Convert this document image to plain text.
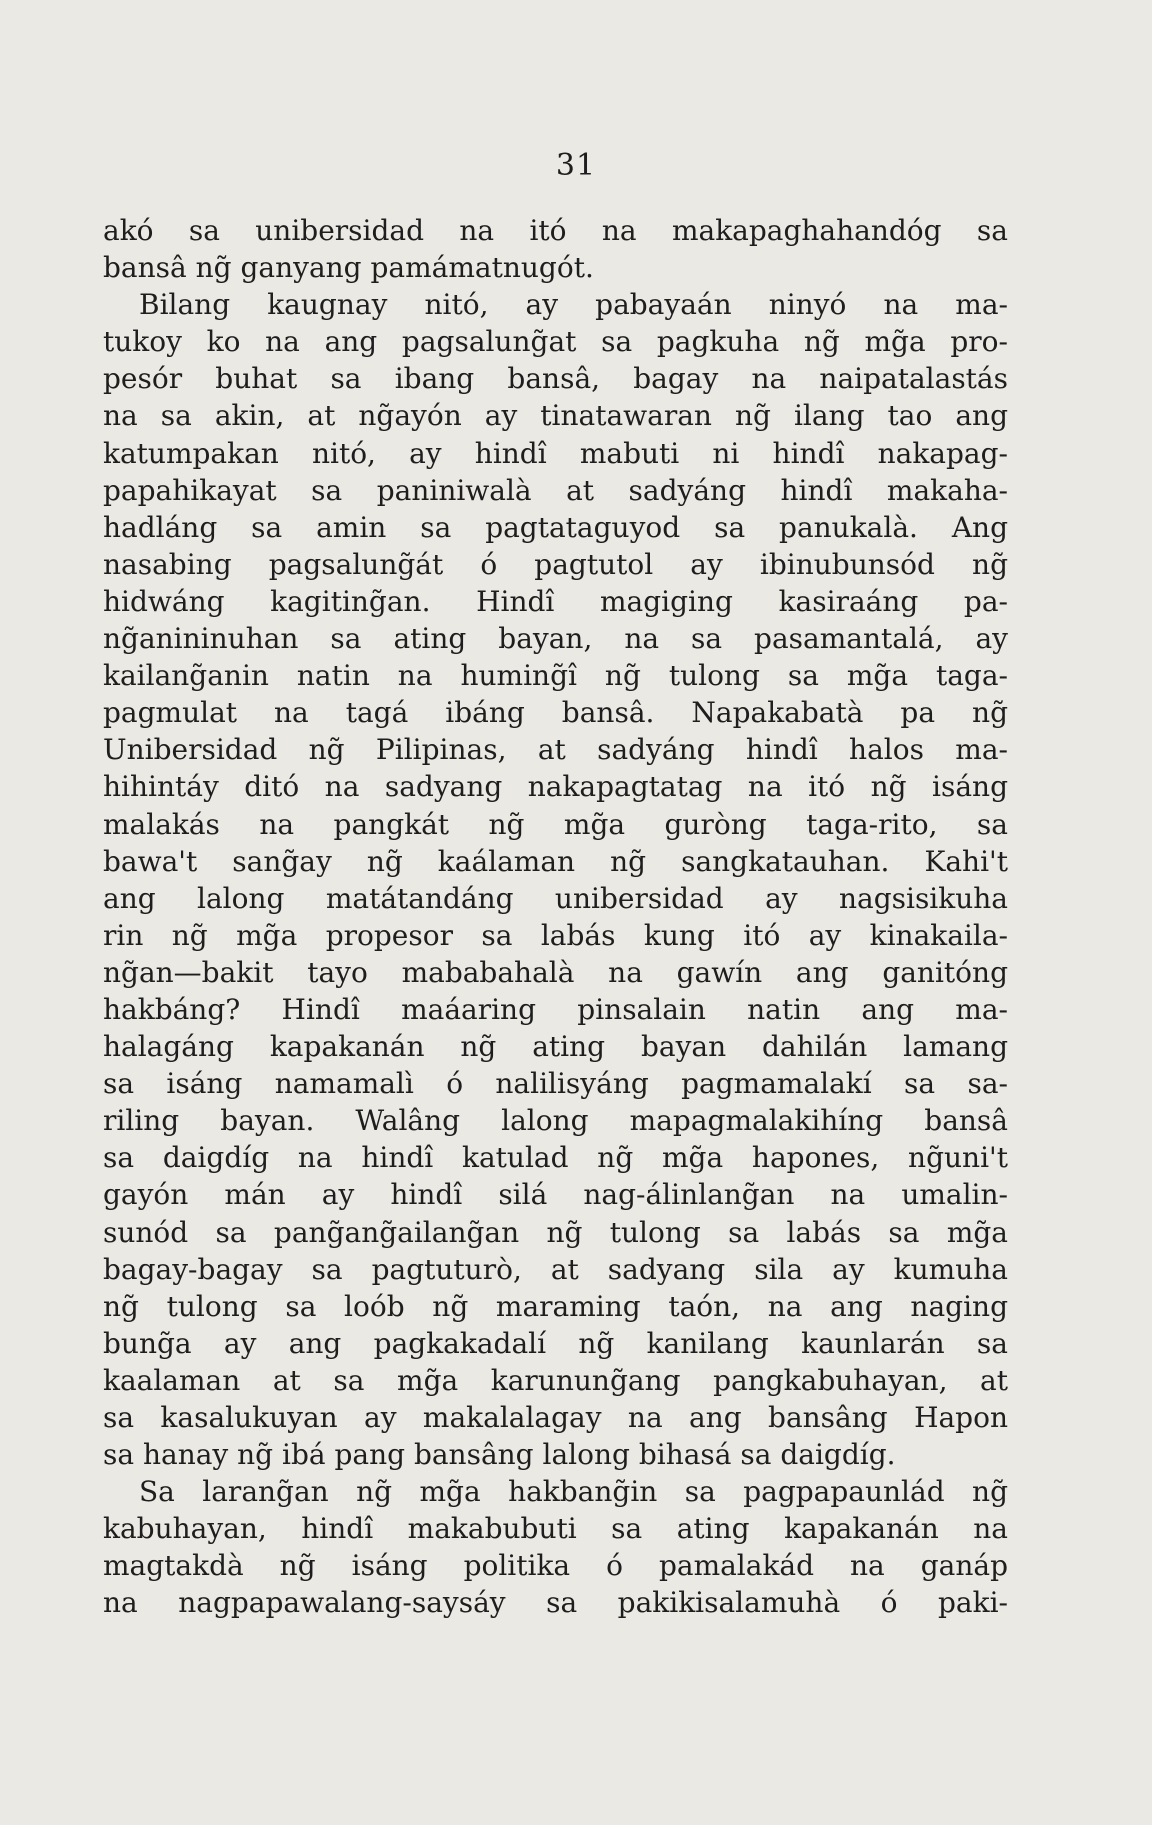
31
akó sa unibersidad na itó na makapaghahandóg sa
bansâ ng̃ ganyang pamámatnugót.
Bilang kaugnay nitó, ay pabayaán ninyó na ma-
tukoy ko na ang pagsalung̃at sa pagkuha ng̃ mg̃a pro-
pesór buhat sa ibang bansâ, bagay na naipatalastás
na sa akin, at ng̃ayón ay tinatawaran ng̃ ilang tao ang
katumpakan nitó, ay hindî mabuti ni hindî nakapag-
papahikayat sa paniniwalà at sadyáng hindî makaha-
hadláng sa amin sa pagtataguyod sa panukalà. Ang
nasabing pagsalung̃át ó pagtutol ay ibinubunsód ng̃
hidwáng kagiting̃an. Hindî magiging kasiraáng pa-
ng̃anininuhan sa ating bayan, na sa pasamantalá, ay
kailang̃anin natin na huming̃î ng̃ tulong sa mg̃a taga-
pagmulat na tagá ibáng bansâ. Napakabatà pa ng̃
Unibersidad ng̃ Pilipinas, at sadyáng hindî halos ma-
hihintáy ditó na sadyang nakapagtatag na itó ng̃ isáng
malakás na pangkát ng̃ mg̃a guròng taga-rito, sa
bawa't sang̃ay ng̃ kaálaman ng̃ sangkatauhan. Kahi't
ang lalong matátandáng unibersidad ay nagsisikuha
rin ng̃ mg̃a propesor sa labás kung itó ay kinakaila-
ng̃an—bakit tayo mababahalà na gawín ang ganitóng
hakbáng? Hindî maáaring pinsalain natin ang ma-
halagáng kapakanán ng̃ ating bayan dahilán lamang
sa isáng namamalì ó nalilisyáng pagmamalakí sa sa-
riling bayan. Walâng lalong mapagmalakihíng bansâ
sa daigdíg na hindî katulad ng̃ mg̃a hapones, ng̃uni't
gayón mán ay hindî silá nag-álinlang̃an na umalin-
sunód sa pang̃ang̃ailang̃an ng̃ tulong sa labás sa mg̃a
bagay-bagay sa pagtuturò, at sadyang sila ay kumuha
ng̃ tulong sa loób ng̃ maraming taón, na ang naging
bung̃a ay ang pagkakadalí ng̃ kanilang kaunlarán sa
kaalaman at sa mg̃a karunung̃ang pangkabuhayan, at
sa kasalukuyan ay makalalagay na ang bansâng Hapon
sa hanay ng̃ ibá pang bansâng lalong bihasá sa daigdíg.
Sa larang̃an ng̃ mg̃a hakbang̃in sa pagpapaunlád ng̃
kabuhayan, hindî makabubuti sa ating kapakanán na
magtakdà ng̃ isáng politika ó pamalakád na ganáp
na nagpapawalang-saysáy sa pakikisalamuhà ó paki-
